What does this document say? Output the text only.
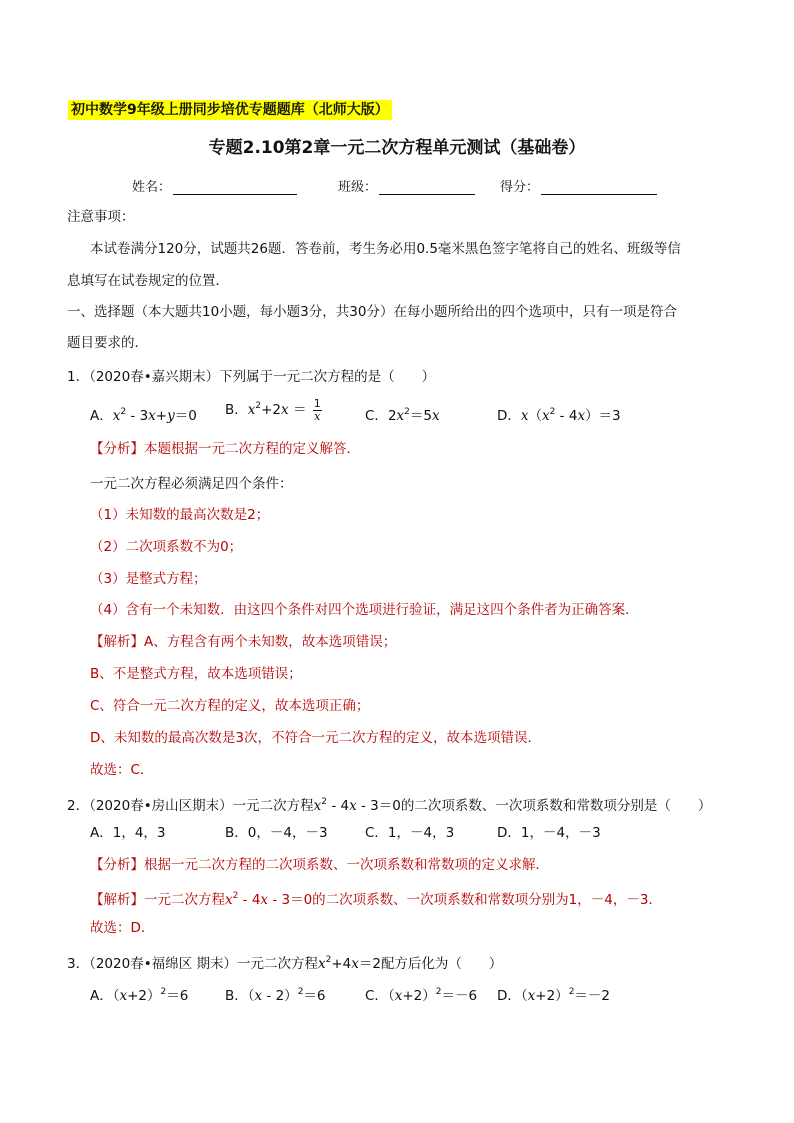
初中数学9年级上册同步培优专题题库（北师大版）
专题2.10第2章一元二次方程单元测试（基础卷）
姓名：	班级：	得分：
注意事项：
本试卷满分120分，试题共26题．答卷前，考生务必用0.5毫米黑色签字笔将自己的姓名、班级等信
息填写在试卷规定的位置．
一、选择题（本大题共10小题，每小题3分，共30分）在每小题所给出的四个选项中，只有一项是符合
题目要求的．
1．（2020春•嘉兴期末）下列属于一元二次方程的是（　　）
A．$x^2 - 3x+y=0$ B．$x^2+2x = \frac{1}{x}$	C．$2x^2=5x$	D．$x(x^2 - 4x)=3$
【分析】本题根据一元二次方程的定义解答．
一元二次方程必须满足四个条件：
（1）未知数的最高次数是2；
（2）二次项系数不为0；
（3）是整式方程；
（4）含有一个未知数．由这四个条件对四个选项进行验证，满足这四个条件者为正确答案．
【解析】A、方程含有两个未知数，故本选项错误；
B、不是整式方程，故本选项错误；
C、符合一元二次方程的定义，故本选项正确；
D、未知数的最高次数是3次，不符合一元二次方程的定义，故本选项错误．
故选：C．
2．（2020春•房山区期末）一元二次方程$x^2 - 4x - 3=0$的二次项系数、一次项系数和常数项分别是（　　）
A．1，4，3	B．0，－4，－3	C．1，－4，3	D．1，－4，－3
【分析】根据一元二次方程的二次项系数、一次项系数和常数项的定义求解．
【解析】一元二次方程$x^2 - 4x - 3=0$的二次项系数、一次项系数和常数项分别为1，－4，－3．
故选：D．
3．（2020春•福绵区 期末）一元二次方程$x^2+4x=2$配方后化为（　　）
A．$(x+2)^2=6$	B．（x - 2）$^2$＝6	C．$(x+2)^2=-6$ D．$(x+2)^2=-2$
